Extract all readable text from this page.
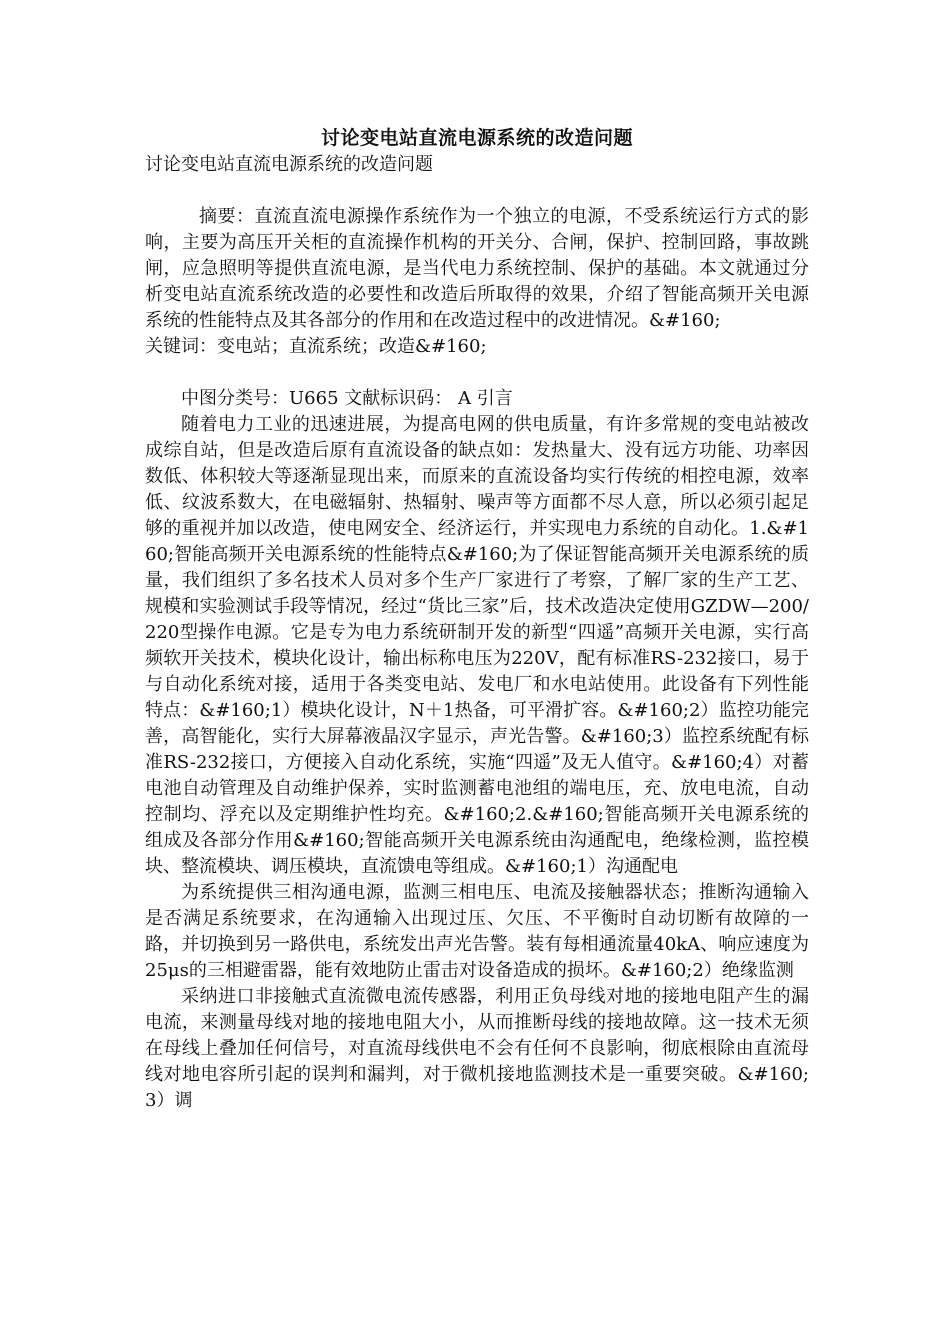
讨论变电站直流电源系统的改造问题

讨论变电站直流电源系统的改造问题

摘要：直流直流电源操作系统作为一个独立的电源，不受系统运行方式的影响，主要为高压开关柜的直流操作机构的开关分、合闸，保护、控制回路，事故跳闸，应急照明等提供直流电源，是当代电力系统控制、保护的基础。本文就通过分析变电站直流系统改造的必要性和改造后所取得的效果，介绍了智能高频开关电源系统的性能特点及其各部分的作用和在改造过程中的改进情况。&#160;

关键词：变电站；直流系统；改造&#160;

中图分类号：U665 文献标识码： A 引言

随着电力工业的迅速进展，为提高电网的供电质量，有许多常规的变电站被改成综自站，但是改造后原有直流设备的缺点如：发热量大、没有远方功能、功率因数低、体积较大等逐渐显现出来，而原来的直流设备均实行传统的相控电源，效率低、纹波系数大，在电磁辐射、热辐射、噪声等方面都不尽人意，所以必须引起足够的重视并加以改造，使电网安全、经济运行，并实现电力系统的自动化。1.&#160;智能高频开关电源系统的性能特点&#160;为了保证智能高频开关电源系统的质量，我们组织了多名技术人员对多个生产厂家进行了考察，了解厂家的生产工艺、规模和实验测试手段等情况，经过“货比三家”后，技术改造决定使用GZDW—200/220型操作电源。它是专为电力系统研制开发的新型“四遥”高频开关电源，实行高频软开关技术，模块化设计，输出标称电压为220V，配有标准RS-232接口，易于与自动化系统对接，适用于各类变电站、发电厂和水电站使用。此设备有下列性能特点：&#160;1）模块化设计，N＋1热备，可平滑扩容。&#160;2）监控功能完善，高智能化，实行大屏幕液晶汉字显示，声光告警。&#160;3）监控系统配有标准RS-232接口，方便接入自动化系统，实施“四遥”及无人值守。&#160;4）对蓄电池自动管理及自动维护保养，实时监测蓄电池组的端电压，充、放电电流，自动控制均、浮充以及定期维护性均充。&#160;2.&#160;智能高频开关电源系统的组成及各部分作用&#160;智能高频开关电源系统由沟通配电，绝缘检测，监控模块、整流模块、调压模块，直流馈电等组成。&#160;1）沟通配电

为系统提供三相沟通电源，监测三相电压、电流及接触器状态；推断沟通输入是否满足系统要求，在沟通输入出现过压、欠压、不平衡时自动切断有故障的一路，并切换到另一路供电，系统发出声光告警。装有每相通流量40kA、响应速度为25μs的三相避雷器，能有效地防止雷击对设备造成的损坏。&#160;2）绝缘监测

采纳进口非接触式直流微电流传感器，利用正负母线对地的接地电阻产生的漏电流，来测量母线对地的接地电阻大小，从而推断母线的接地故障。这一技术无须在母线上叠加任何信号，对直流母线供电不会有任何不良影响，彻底根除由直流母线对地电容所引起的误判和漏判，对于微机接地监测技术是一重要突破。&#160;3）调
